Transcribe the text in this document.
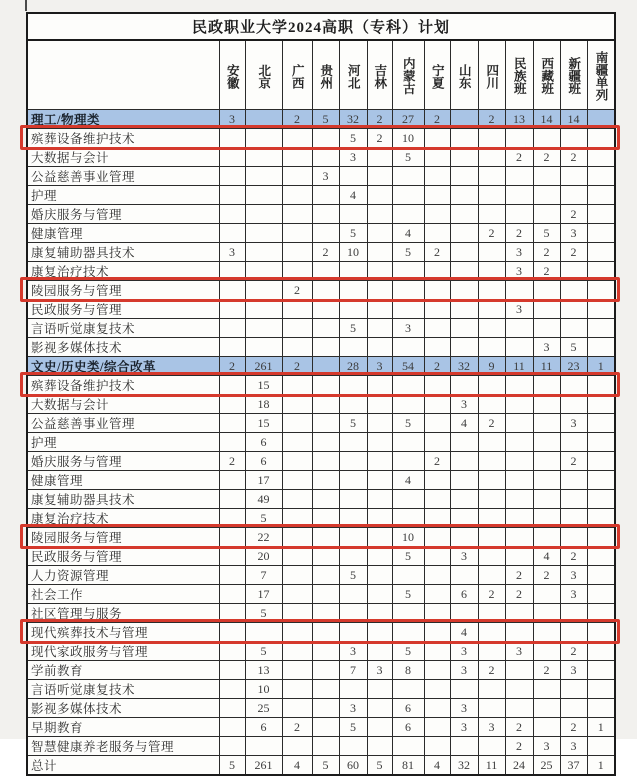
民政职业大学2024高职（专科）计划														
	安徽	北京	广西	贵州	河北	吉林	内蒙古	宁夏	山东	四川	民族班	西藏班	新疆班	南疆单列
理工/物理类	3		2	5	32	2	27	2		2	13	14	14	
殡葬设备维护技术					5	2	10							
大数据与会计					3		5				2	2	2	
公益慈善事业管理				3										
护理					4									
婚庆服务与管理													2	
健康管理					5		4			2	2	5	3	
康复辅助器具技术	3			2	10		5	2			3	2	2	
康复治疗技术											3	2		
陵园服务与管理			2											
民政服务与管理											3			
言语听觉康复技术					5		3							
影视多媒体技术												3	5	
文史/历史类/综合改革	2	261	2		28	3	54	2	32	9	11	11	23	1
殡葬设备维护技术		15												
大数据与会计		18							3					
公益慈善事业管理		15			5		5		4	2			3	
护理		6												
婚庆服务与管理	2	6						2					2	
健康管理		17					4							
康复辅助器具技术		49												
康复治疗技术		5												
陵园服务与管理		22					10							
民政服务与管理		20					5		3			4	2	
人力资源管理		7			5						2	2	3	
社会工作		17					5		6	2	2		3	
社区管理与服务		5												
现代殡葬技术与管理									4					
现代家政服务与管理		5			3		5		3		3		2	
学前教育		13			7	3	8		3	2		2	3	
言语听觉康复技术		10												
影视多媒体技术		25			3		6		3					
早期教育		6	2		5		6		3	3	2		2	1
智慧健康养老服务与管理											2	3	3	
总计	5	261	4	5	60	5	81	4	32	11	24	25	37	1
